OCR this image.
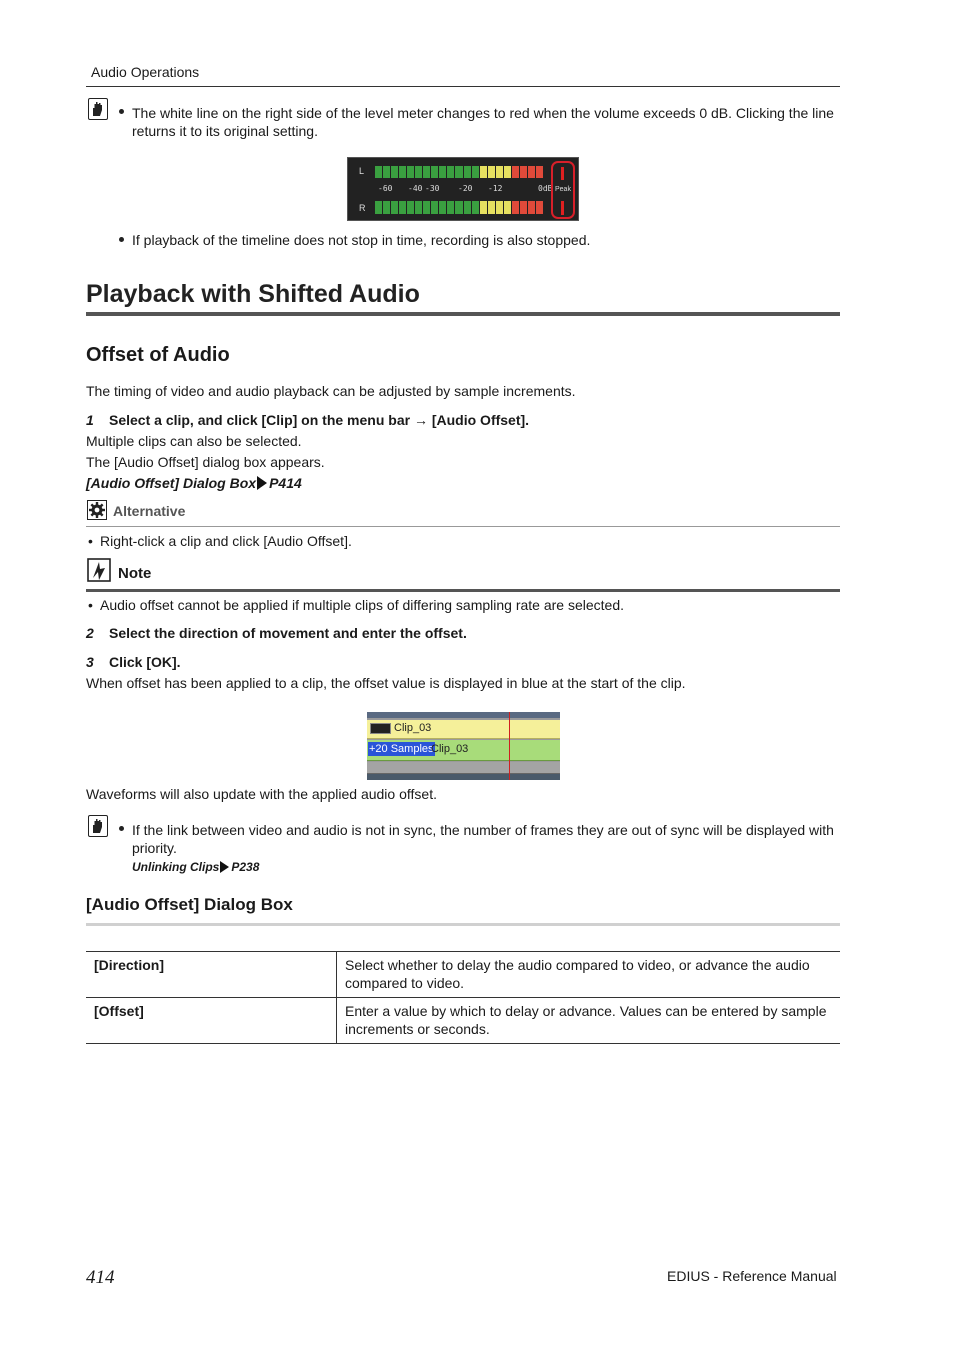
Audio Operations
The white line on the right side of the level meter changes to red when the volume exceeds 0 dB. Clicking the line returns it to its original setting.
L
R
-60 -40 -30 -20 -12	0dB Peak
If playback of the timeline does not stop in time, recording is also stopped.
Playback with Shifted Audio
Offset of Audio
The timing of video and audio playback can be adjusted by sample increments.
1 Select a clip, and click [Clip] on the menu bar → [Audio Offset].
Multiple clips can also be selected.
The [Audio Offset] dialog box appears.
[Audio Offset] Dialog Box P414
Alternative
• Right-click a clip and click [Audio Offset].
Note
• Audio offset cannot be applied if multiple clips of differing sampling rate are selected.
2 Select the direction of movement and enter the offset.
3 Click [OK].
When offset has been applied to a clip, the offset value is displayed in blue at the start of the clip.
Clip_03
+20 Samples
Clip_03
Waveforms will also update with the applied audio offset.
If the link between video and audio is not in sync, the number of frames they are out of sync will be displayed with priority.
Unlinking Clips P238
[Audio Offset] Dialog Box
[Direction]	Select whether to delay the audio compared to video, or advance the audio compared to video.
[Offset]	Enter a value by which to delay or advance. Values can be entered by sample increments or seconds.
414	EDIUS - Reference Manual
